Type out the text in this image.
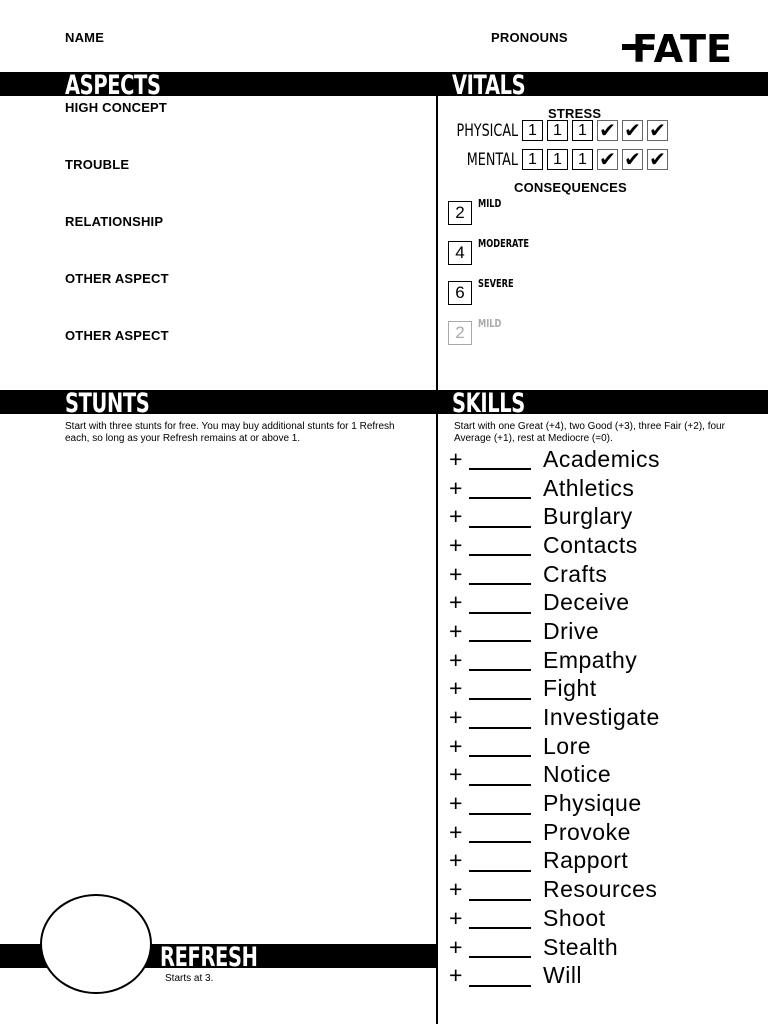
NAME	PRONOUNS FATE
ASPECTS	VITALS
HIGH CONCEPT
TROUBLE
RELATIONSHIP
OTHER ASPECT
OTHER ASPECT
STRESS
PHYSICAL 1	1	1 ✔ ✔ ✔
MENTAL 1	1	1 ✔ ✔ ✔
CONSEQUENCES
2	MILD
4	MODERATE
6	SEVERE
2	MILD
STUNTS	SKILLS
Start with three stunts for free. You may buy additional stunts for 1 Refresh each, so long as your Refresh remains at or above 1.
Start with one Great (+4), two Good (+3), three Fair (+2), four Average (+1), rest at Mediocre (=0).
+	Academics
+	Athletics
+	Burglary
+	Contacts
+	Crafts
+	Deceive
+	Drive
+	Empathy
+	Fight
+	Investigate
+	Lore
+	Notice
+	Physique
+	Provoke
+	Rapport
+	Resources
+	Shoot
+	Stealth
+	Will
REFRESH
Starts at 3.
